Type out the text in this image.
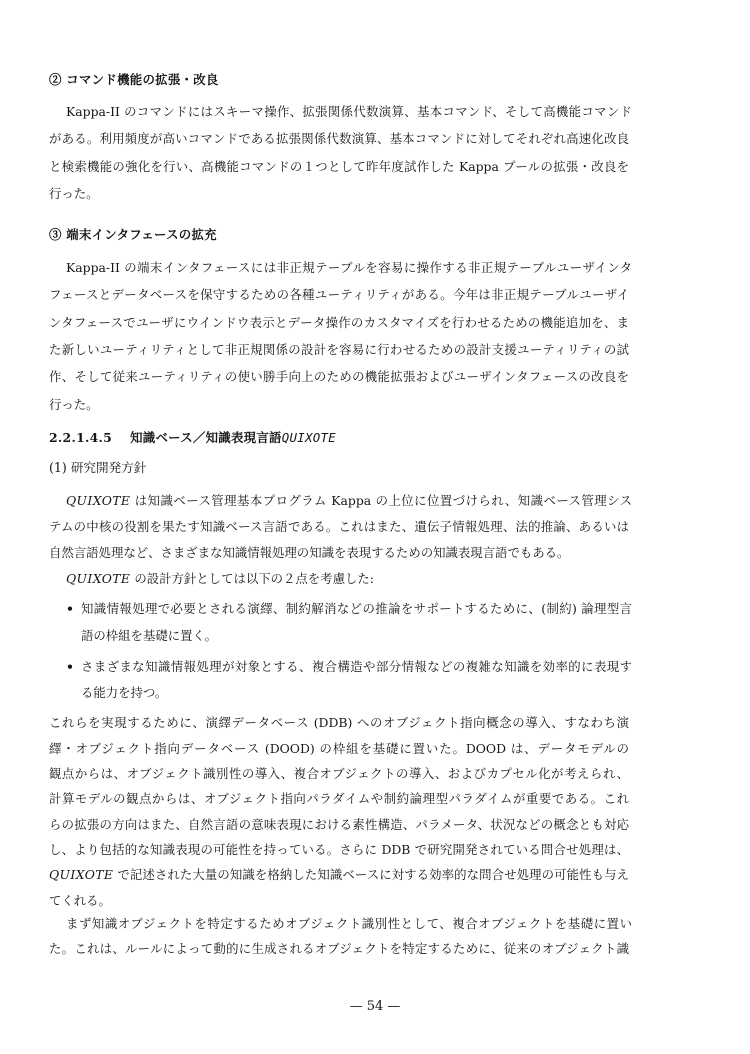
② コマンド機能の拡張・改良

Kappa-II のコマンドにはスキーマ操作、拡張関係代数演算、基本コマンド、そして高機能コマンド

がある。利用頻度が高いコマンドである拡張関係代数演算、基本コマンドに対してそれぞれ高速化改良

と検索機能の強化を行い、高機能コマンドの１つとして昨年度試作した Kappa プールの拡張・改良を

行った。

③ 端末インタフェースの拡充

Kappa-II の端末インタフェースには非正規テーブルを容易に操作する非正規テーブルユーザインタ

フェースとデータベースを保守するための各種ユーティリティがある。今年は非正規テーブルユーザイ

ンタフェースでユーザにウインドウ表示とデータ操作のカスタマイズを行わせるための機能追加を、ま

た新しいユーティリティとして非正規関係の設計を容易に行わせるための設計支援ユーティリティの試

作、そして従来ユーティリティの使い勝手向上のための機能拡張およびユーザインタフェースの改良を

行った。

2.2.1.4.5 知識ベース／知識表現言語QUIXOTE

(1) 研究開発方針

QUIXOTE は知識ベース管理基本プログラム Kappa の上位に位置づけられ、知識ベース管理シス

テムの中核の役割を果たす知識ベース言語である。これはまた、遺伝子情報処理、法的推論、あるいは

自然言語処理など、さまざまな知識情報処理の知識を表現するための知識表現言語でもある。

QUIXOTE の設計方針としては以下の２点を考慮した:

• 知識情報処理で必要とされる演繹、制約解消などの推論をサポートするために、(制約) 論理型言

語の枠組を基礎に置く。

• さまざまな知識情報処理が対象とする、複合構造や部分情報などの複雑な知識を効率的に表現す

る能力を持つ。

これらを実現するために、演繹データベース (DDB) へのオブジェクト指向概念の導入、すなわち演

繹・オブジェクト指向データベース (DOOD) の枠組を基礎に置いた。DOOD は、データモデルの

観点からは、オブジェクト識別性の導入、複合オブジェクトの導入、およびカプセル化が考えられ、

計算モデルの観点からは、オブジェクト指向パラダイムや制約論理型パラダイムが重要である。これ

らの拡張の方向はまた、自然言語の意味表現における素性構造、パラメータ、状況などの概念とも対応

し、より包括的な知識表現の可能性を持っている。さらに DDB で研究開発されている問合せ処理は、

QUIXOTE で記述された大量の知識を格納した知識ベースに対する効率的な問合せ処理の可能性も与え

てくれる。

まず知識オブジェクトを特定するためオブジェクト識別性として、複合オブジェクトを基礎に置い

た。これは、ルールによって動的に生成されるオブジェクトを特定するために、従来のオブジェクト識

— 54 —
